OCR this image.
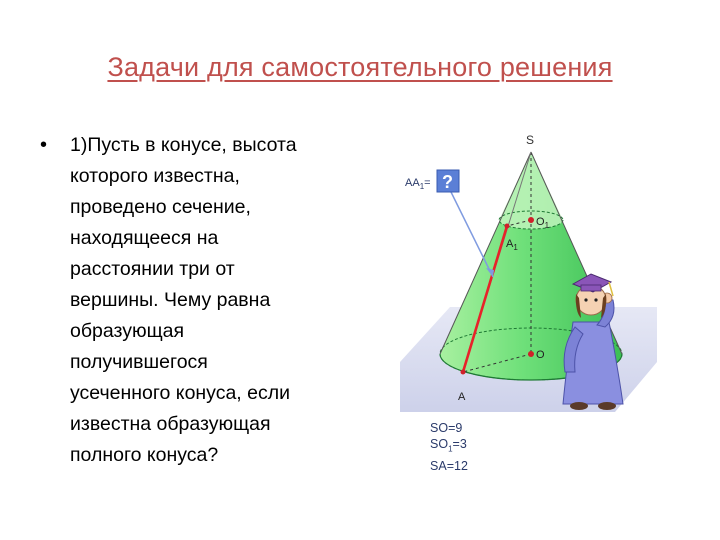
Задачи для самостоятельного решения
•	1)Пусть в конусе, высота
которого известна,
проведено сечение,
находящееся на
расстоянии три от
вершины. Чему равна
образующая
получившегося
усеченного конуса, если
известна образующая
полного конуса?
S
$O_1$
O
$A_1$
A
$AA_1=$ ?
SO=9
$SO_1=3$
SA=12
